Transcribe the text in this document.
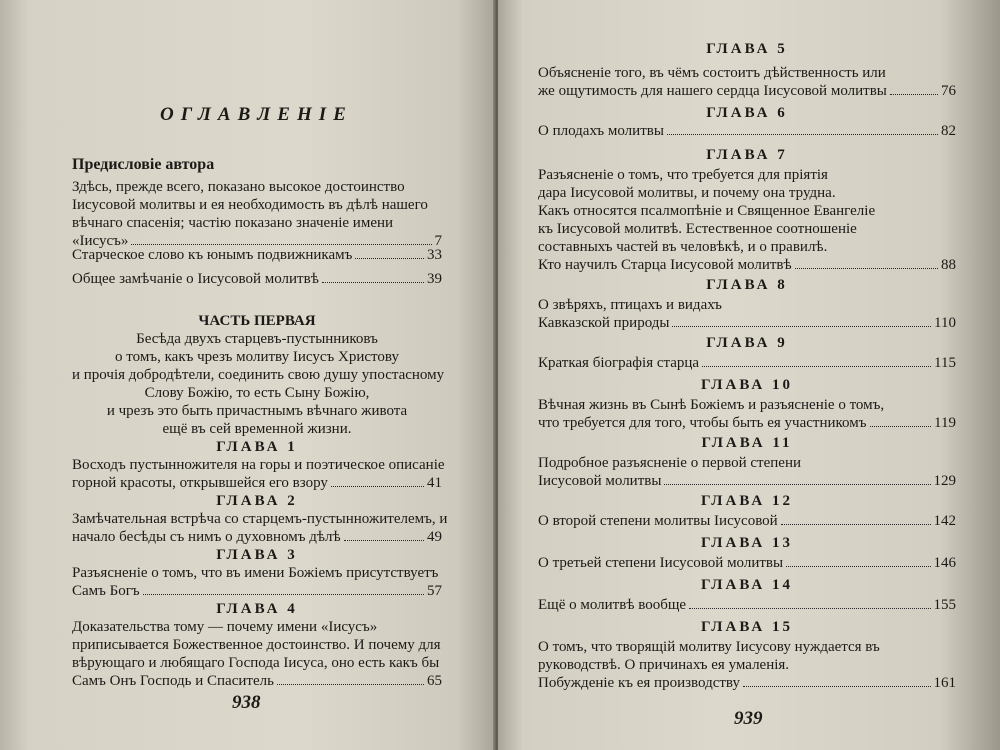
ОГЛАВЛЕНІЕ
Предисловіе автора
Здѣсь, прежде всего, показано высокое достоинство
Іисусовой молитвы и ея необходимость въ дѣлѣ нашего
вѣчнаго спасенія; частію показано значеніе имени
«Іисусъ»	7
Старческое слово къ юнымъ подвижникамъ	33
Общее замѣчаніе о Іисусовой молитвѣ	39
ЧАСТЬ ПЕРВАЯ
Бесѣда двухъ старцевъ-пустынниковъ
о томъ, какъ чрезъ молитву Іисусъ Христову
и прочія добродѣтели, соединить свою душу упостасному
Слову Божію, то есть Сыну Божію,
и чрезъ это быть причастнымъ вѣчнаго живота
ещё въ сей временной жизни.
ГЛАВА 1
Восходъ пустынножителя на горы и поэтическое описаніе
горной красоты, открывшейся его взору	41
ГЛАВА 2
Замѣчательная встрѣча со старцемъ-пустынножителемъ, и
начало бесѣды съ нимъ о духовномъ дѣлѣ	49
ГЛАВА 3
Разъясненіе о томъ, что въ имени Божіемъ присутствуетъ
Самъ Богъ	57
ГЛАВА 4
Доказательства тому — почему имени «Іисусъ»
приписывается Божественное достоинство. И почему для
вѣрующаго и любящаго Господа Іисуса, оно есть какъ бы
Самъ Онъ Господь и Спаситель	65
938
ГЛАВА 5
Объясненіе того, въ чёмъ состоитъ дѣйственность или
же ощутимость для нашего сердца Іисусовой молитвы	76
ГЛАВА 6
О плодахъ молитвы	82
ГЛАВА 7
Разъясненіе о томъ, что требуется для пріятія
дара Іисусовой молитвы, и почему она трудна.
Какъ относятся псалмопѣніе и Священное Евангеліе
къ Іисусовой молитвѣ. Естественное соотношеніе
составныхъ частей въ человѣкѣ, и о правилѣ.
Кто научилъ Старца Іисусовой молитвѣ	88
ГЛАВА 8
О звѣряхъ, птицахъ и видахъ
Кавказской природы	110
ГЛАВА 9
Краткая біографія старца	115
ГЛАВА 10
Вѣчная жизнь въ Сынѣ Божіемъ и разъясненіе о томъ,
что требуется для того, чтобы быть ея участникомъ	119
ГЛАВА 11
Подробное разъясненіе о первой степени
Іисусовой молитвы	129
ГЛАВА 12
О второй степени молитвы Іисусовой	142
ГЛАВА 13
О третьей степени Іисусовой молитвы	146
ГЛАВА 14
Ещё о молитвѣ вообще	155
ГЛАВА 15
О томъ, что творящій молитву Іисусову нуждается въ
руководствѣ. О причинахъ ея умаленія.
Побужденіе къ ея производству	161
939
